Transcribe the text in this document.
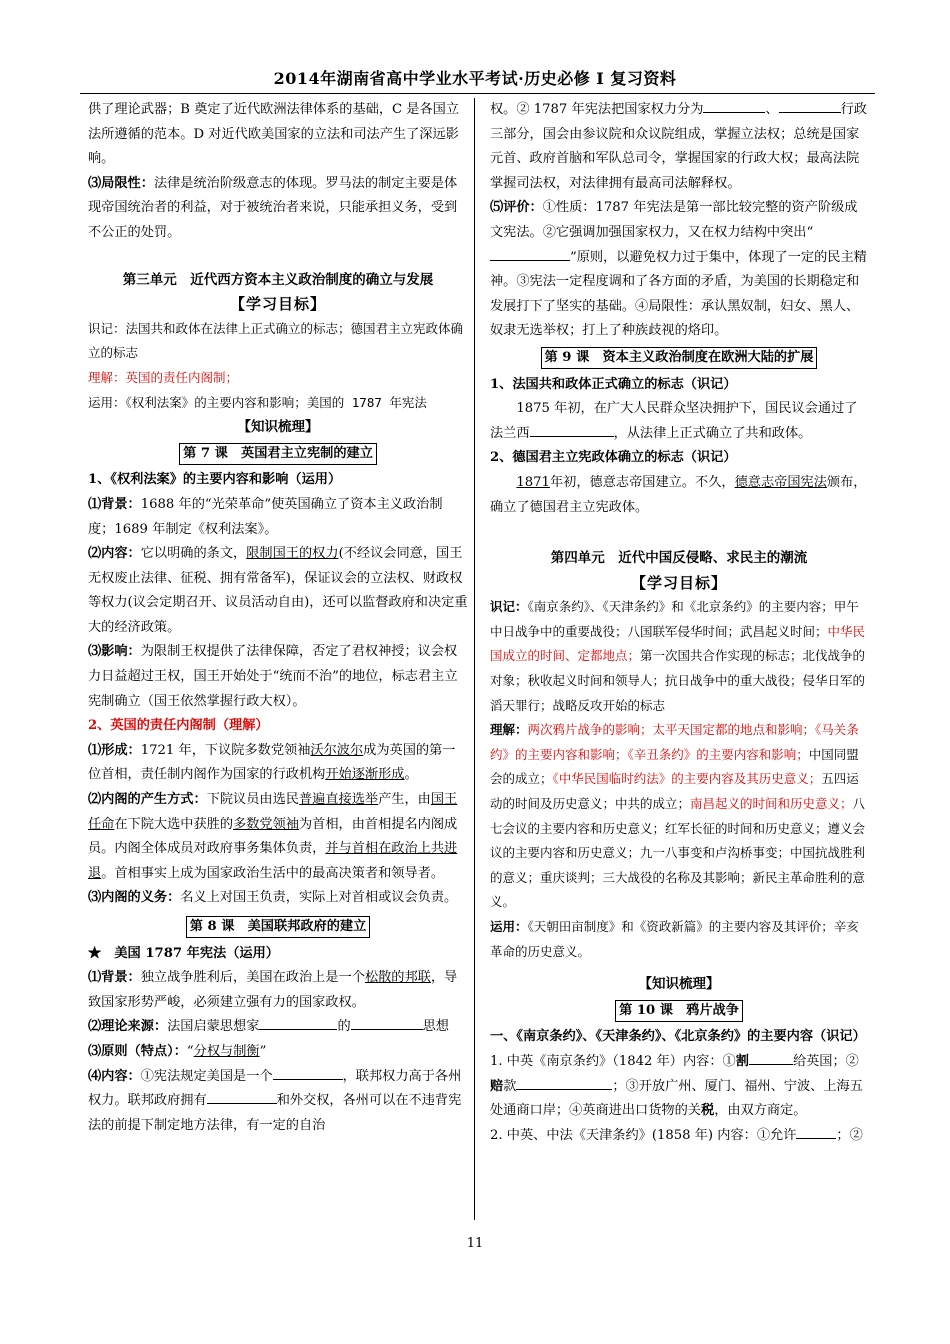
2014年湖南省高中学业水平考试·历史必修 I 复习资料

供了理论武器；B 奠定了近代欧洲法律体系的基础，C 是各国立法所遵循的范本。D 对近代欧美国家的立法和司法产生了深远影响。

⑶局限性：法律是统治阶级意志的体现。罗马法的制定主要是体现帝国统治者的利益，对于被统治者来说，只能承担义务，受到不公正的处罚。

第三单元　近代西方资本主义政治制度的确立与发展
【学习目标】

识记：法国共和政体在法律上正式确立的标志；德国君主立宪政体确立的标志

理解：英国的责任内阁制；

运用：《权利法案》的主要内容和影响；美国的 1787 年宪法

【知识梳理】
第 7 课　英国君主立宪制的建立

1、《权利法案》的主要内容和影响（运用）

⑴背景：1688 年的“光荣革命”使英国确立了资本主义政治制度；1689 年制定《权利法案》。

⑵内容：它以明确的条文，限制国王的权力(不经议会同意，国王无权废止法律、征税、拥有常备军)，保证议会的立法权、财政权等权力(议会定期召开、议员活动自由)，还可以监督政府和决定重大的经济政策。

⑶影响：为限制王权提供了法律保障，否定了君权神授；议会权力日益超过王权，国王开始处于“统而不治”的地位，标志君主立宪制确立（国王依然掌握行政大权）。

2、英国的责任内阁制（理解）

⑴形成：1721 年，下议院多数党领袖沃尔波尔成为英国的第一位首相，责任制内阁作为国家的行政机构开始逐渐形成。

⑵内阁的产生方式：下院议员由选民普遍直接选举产生，由国王任命在下院大选中获胜的多数党领袖为首相，由首相提名内阁成员。内阁全体成员对政府事务集体负责，并与首相在政治上共进退。首相事实上成为国家政治生活中的最高决策者和领导者。

⑶内阁的义务：名义上对国王负责，实际上对首相或议会负责。

第 8 课　美国联邦政府的建立

★　美国 1787 年宪法（运用）

⑴背景：独立战争胜利后，美国在政治上是一个松散的邦联，导致国家形势严峻，必须建立强有力的国家政权。

⑵理论来源：法国启蒙思想家	的	思想

⑶原则（特点）：“分权与制衡”

⑷内容：①宪法规定美国是一个	，联邦权力高于各州权力。联邦政府拥有	和外交权，各州可以在不违背宪法的前提下制定地方法律，有一定的自治

权。② 1787 年宪法把国家权力分为	、	行政三部分，国会由参议院和众议院组成，掌握立法权；总统是国家元首、政府首脑和军队总司令，掌握国家的行政大权；最高法院掌握司法权，对法律拥有最高司法解释权。

⑸评价：①性质：1787 年宪法是第一部比较完整的资产阶级成文宪法。②它强调加强国家权力，又在权力结构中突出“”原则，以避免权力过于集中，体现了一定的民主精神。③宪法一定程度调和了各方面的矛盾，为美国的长期稳定和发展打下了坚实的基础。④局限性：承认黑奴制，妇女、黑人、奴隶无选举权；打上了种族歧视的烙印。

第 9 课　资本主义政治制度在欧洲大陆的扩展

1、法国共和政体正式确立的标志（识记）

1875 年初，在广大人民群众坚决拥护下，国民议会通过了法兰西	，从法律上正式确立了共和政体。

2、德国君主立宪政体确立的标志（识记）

1871年初，德意志帝国建立。不久，德意志帝国宪法颁布，确立了德国君主立宪政体。

第四单元　近代中国反侵略、求民主的潮流
【学习目标】

识记：《南京条约》、《天津条约》和《北京条约》的主要内容；甲午中日战争中的重要战役；八国联军侵华时间；武昌起义时间；中华民国成立的时间、定都地点；第一次国共合作实现的标志；北伐战争的对象；秋收起义时间和领导人；抗日战争中的重大战役；侵华日军的滔天罪行；战略反攻开始的标志

理解：两次鸦片战争的影响；太平天国定都的地点和影响；《马关条约》的主要内容和影响；《辛丑条约》的主要内容和影响；中国同盟会的成立；《中华民国临时约法》的主要内容及其历史意义；五四运动的时间及历史意义；中共的成立；南昌起义的时间和历史意义；八七会议的主要内容和历史意义；红军长征的时间和历史意义；遵义会议的主要内容和历史意义；九一八事变和卢沟桥事变；中国抗战胜利的意义；重庆谈判；三大战役的名称及其影响；新民主革命胜利的意义。

运用：《天朝田亩制度》和《资政新篇》的主要内容及其评价；辛亥革命的历史意义。

【知识梳理】
第 10 课　鸦片战争

一、《南京条约》、《天津条约》、《北京条约》的主要内容（识记）

1. 中英《南京条约》（1842 年）内容：①割	给英国；②赔款	；③开放广州、厦门、福州、宁波、上海五处通商口岸；④英商进出口货物的关税，由双方商定。

2. 中英、中法《天津条约》(1858 年) 内容：①允许	；②

11
